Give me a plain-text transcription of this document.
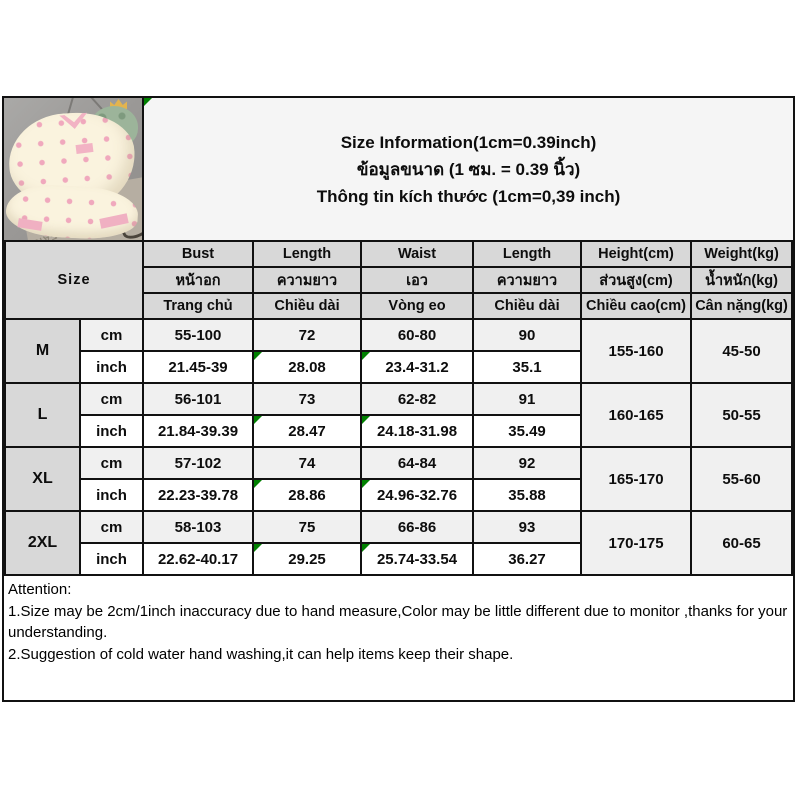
Size Information(1cm=0.39inch)
ข้อมูลขนาด (1 ซม. = 0.39 นิ้ว)
Thông tin kích thước (1cm=0,39 inch)
Size		Bust	Length	Waist	Length	Height(cm)	Weight(kg)
		หน้าอก	ความยาว	เอว	ความยาว	ส่วนสูง(cm)	น้ำหนัก(kg)
		Trang chủ	Chiều dài	Vòng eo	Chiều dài	Chiều cao(cm)	Cân nặng(kg)
M	cm	55-100	72	60-80	90	155-160	45-50
	inch	21.45-39	28.08	23.4-31.2	35.1		
L	cm	56-101	73	62-82	91	160-165	50-55
	inch	21.84-39.39	28.47	24.18-31.98	35.49		
XL	cm	57-102	74	64-84	92	165-170	55-60
	inch	22.23-39.78	28.86	24.96-32.76	35.88		
2XL	cm	58-103	75	66-86	93	170-175	60-65
	inch	22.62-40.17	29.25	25.74-33.54	36.27		
Attention:
1.Size may be 2cm/1inch inaccuracy due to hand measure,Color may be little different due to monitor ,thanks for your understanding.
2.Suggestion of cold water hand washing,it can help items keep their shape.
